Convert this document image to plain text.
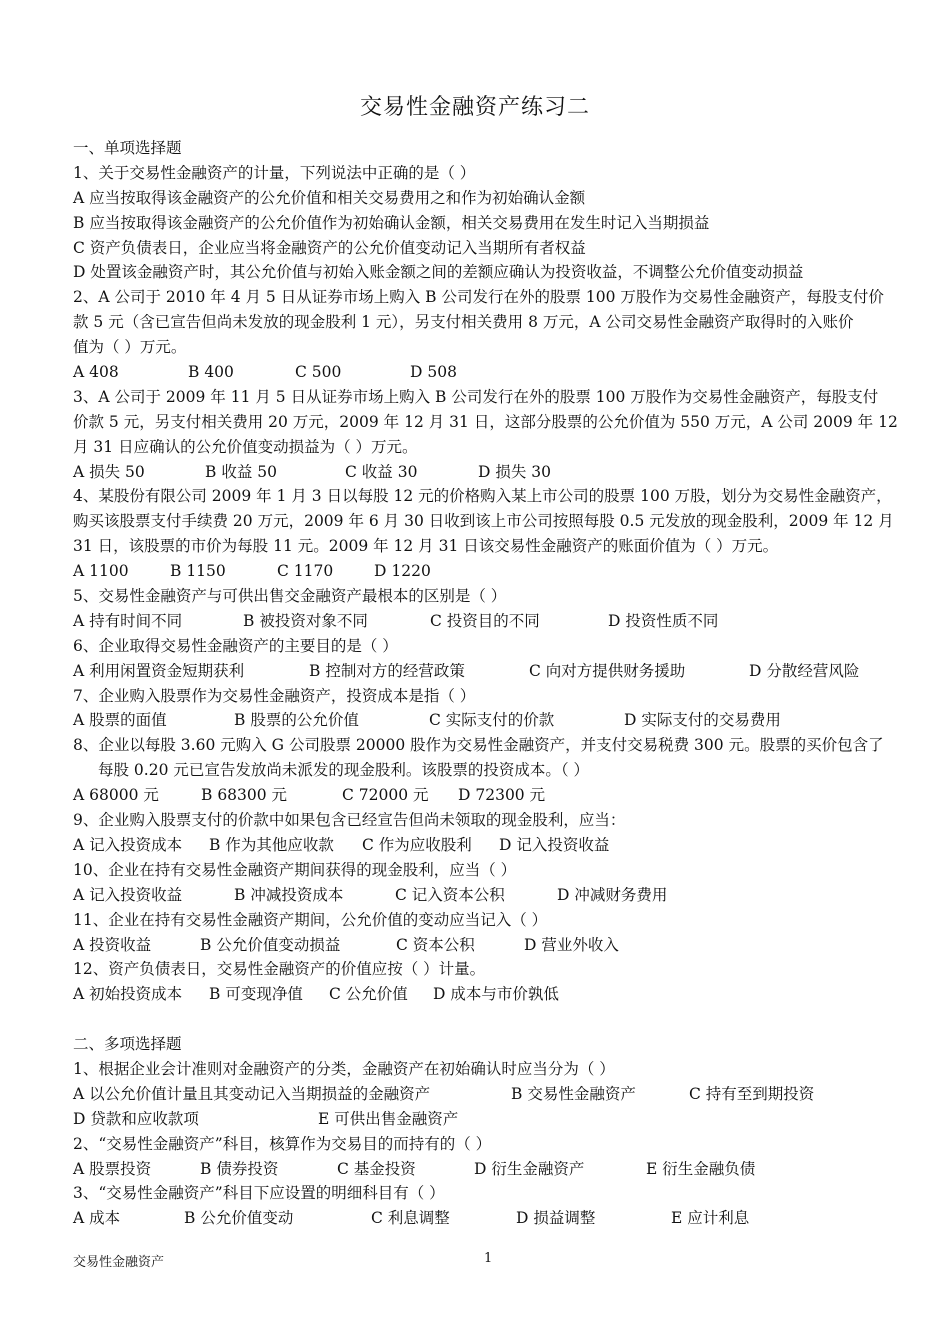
交易性金融资产练习二
一、单项选择题
1、关于交易性金融资产的计量，下列说法中正确的是（ ）
A 应当按取得该金融资产的公允价值和相关交易费用之和作为初始确认金额
B 应当按取得该金融资产的公允价值作为初始确认金额，相关交易费用在发生时记入当期损益
C 资产负债表日，企业应当将金融资产的公允价值变动记入当期所有者权益
D 处置该金融资产时，其公允价值与初始入账金额之间的差额应确认为投资收益，不调整公允价值变动损益
2、A 公司于 2010 年 4 月 5 日从证券市场上购入 B 公司发行在外的股票 100 万股作为交易性金融资产，每股支付价
款 5 元（含已宣告但尚未发放的现金股利 1 元），另支付相关费用 8 万元，A 公司交易性金融资产取得时的入账价
值为（ ）万元。
A 408	B 400	C 500	D 508
3、A 公司于 2009 年 11 月 5 日从证券市场上购入 B 公司发行在外的股票 100 万股作为交易性金融资产，每股支付
价款 5 元，另支付相关费用 20 万元，2009 年 12 月 31 日，这部分股票的公允价值为 550 万元，A 公司 2009 年 12
月 31 日应确认的公允价值变动损益为（ ）万元。
A 损失 50	B 收益 50	C 收益 30	D 损失 30
4、某股份有限公司 2009 年 1 月 3 日以每股 12 元的价格购入某上市公司的股票 100 万股，划分为交易性金融资产，
购买该股票支付手续费 20 万元，2009 年 6 月 30 日收到该上市公司按照每股 0.5 元发放的现金股利，2009 年 12 月
31 日，该股票的市价为每股 11 元。2009 年 12 月 31 日该交易性金融资产的账面价值为（ ）万元。
A 1100	B 1150	C 1170	D 1220
5、交易性金融资产与可供出售交金融资产最根本的区别是（ ）
A 持有时间不同	B 被投资对象不同	C 投资目的不同	D 投资性质不同
6、企业取得交易性金融资产的主要目的是（ ）
A 利用闲置资金短期获利	B 控制对方的经营政策	C 向对方提供财务援助	D 分散经营风险
7、企业购入股票作为交易性金融资产，投资成本是指（ ）
A 股票的面值	B 股票的公允价值	C 实际支付的价款	D 实际支付的交易费用
8、企业以每股 3.60 元购入 G 公司股票 20000 股作为交易性金融资产，并支付交易税费 300 元。股票的买价包含了
每股 0.20 元已宣告发放尚未派发的现金股利。该股票的投资成本。（ ）
A 68000 元	B 68300 元	C 72000 元	D 72300 元
9、企业购入股票支付的价款中如果包含已经宣告但尚未领取的现金股利，应当：
A 记入投资成本	B 作为其他应收款	C 作为应收股利	D 记入投资收益
10、企业在持有交易性金融资产期间获得的现金股利，应当（ ）
A 记入投资收益	B 冲减投资成本	C 记入资本公积	D 冲减财务费用
11、企业在持有交易性金融资产期间，公允价值的变动应当记入（ ）
A 投资收益	B 公允价值变动损益	C 资本公积	D 营业外收入
12、资产负债表日，交易性金融资产的价值应按（ ）计量。
A 初始投资成本	B 可变现净值	C 公允价值	D 成本与市价孰低
二、多项选择题
1、根据企业会计准则对金融资产的分类，金融资产在初始确认时应当分为（ ）
A 以公允价值计量且其变动记入当期损益的金融资产	B 交易性金融资产	C 持有至到期投资
D 贷款和应收款项	E 可供出售金融资产
2、“交易性金融资产”科目，核算作为交易目的而持有的（ ）
A 股票投资	B 债券投资	C 基金投资	D 衍生金融资产	E 衍生金融负债
3、“交易性金融资产”科目下应设置的明细科目有（ ）
A 成本	B 公允价值变动	C 利息调整	D 损益调整	E 应计利息
交易性金融资产	1
